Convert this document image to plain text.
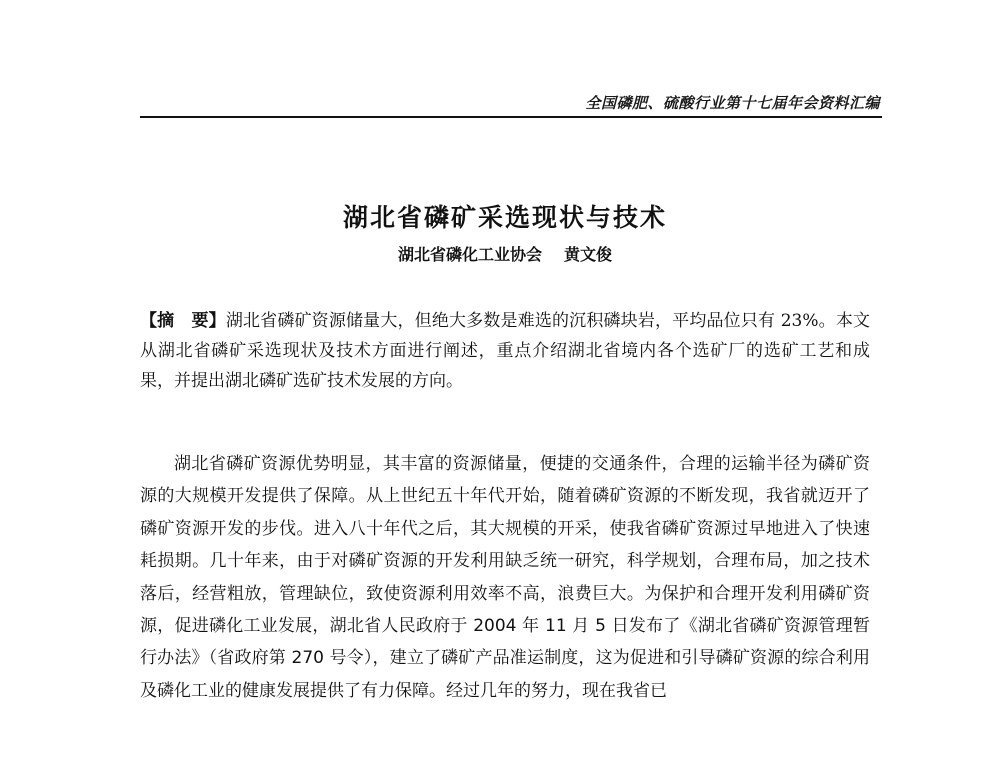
全国磷肥、硫酸行业第十七届年会资料汇编
湖北省磷矿采选现状与技术
湖北省磷化工业协会 黄文俊
【摘　要】湖北省磷矿资源储量大，但绝大多数是难选的沉积磷块岩，平均品位只有 23%。本文从湖北省磷矿采选现状及技术方面进行阐述，重点介绍湖北省境内各个选矿厂的选矿工艺和成果，并提出湖北磷矿选矿技术发展的方向。

湖北省磷矿资源优势明显，其丰富的资源储量，便捷的交通条件，合理的运输半径为磷矿资源的大规模开发提供了保障。从上世纪五十年代开始，随着磷矿资源的不断发现，我省就迈开了磷矿资源开发的步伐。进入八十年代之后，其大规模的开采，使我省磷矿资源过早地进入了快速耗损期。几十年来，由于对磷矿资源的开发利用缺乏统一研究，科学规划，合理布局，加之技术落后，经营粗放，管理缺位，致使资源利用效率不高，浪费巨大。为保护和合理开发利用磷矿资源，促进磷化工业发展，湖北省人民政府于 2004 年 11 月 5 日发布了《湖北省磷矿资源管理暂行办法》（省政府第 270 号令），建立了磷矿产品准运制度，这为促进和引导磷矿资源的综合利用及磷化工业的健康发展提供了有力保障。经过几年的努力，现在我省已
